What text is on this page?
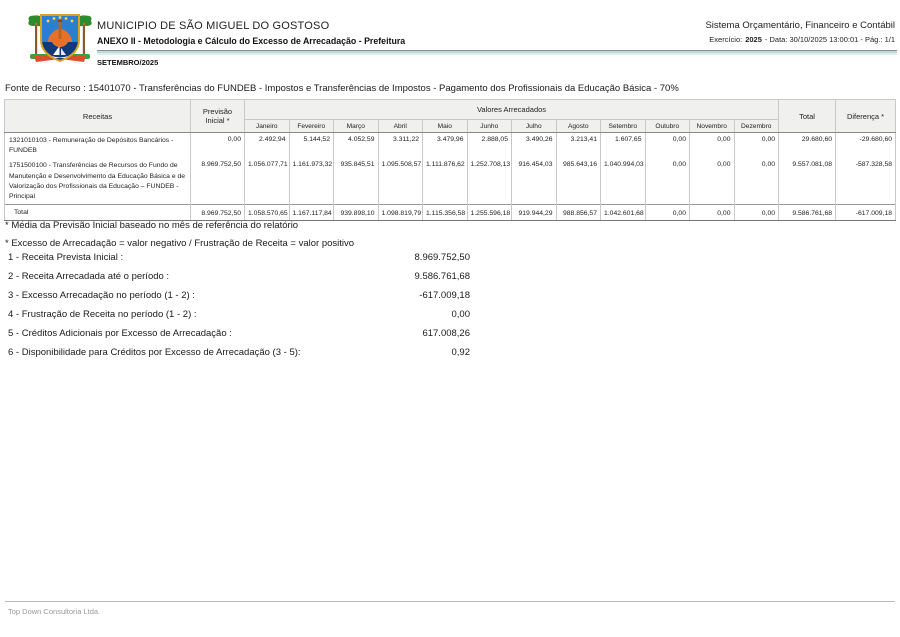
MUNICIPIO DE SÃO MIGUEL DO GOSTOSO
ANEXO II - Metodologia e Cálculo do Excesso de Arrecadação - Prefeitura
SETEMBRO/2025
Sistema Orçamentário, Financeiro e Contábil
Exercício: 2025 - Data: 30/10/2025 13:00:01 - Pág.: 1/1
Fonte de Recurso : 15401070 - Transferências do FUNDEB - Impostos e Transferências de Impostos - Pagamento dos Profissionais da Educação Básica - 70%
Receitas	Previsão Inicial *	Valores Arrecadados												Total	Diferença *
		Janeiro	Fevereiro	Março	Abril	Maio	Junho	Julho	Agosto	Setembro	Outubro	Novembro	Dezembro		
1321010103 - Remuneração de Depósitos Bancários - FUNDEB	0,00	2.492,94	5.144,52	4.052,59	3.311,22	3.479,96	2.888,05	3.490,26	3.213,41	1.607,65	0,00	0,00	0,00	29.680,60	-29.680,60
1751500100 - Transferências de Recursos do Fundo de Manutenção e Desenvolvimento da Educação Básica e de Valorização dos Profissionais da Educação – FUNDEB - Principal	8.969.752,50	1.056.077,71	1.161.973,32	935.845,51	1.095.508,57	1.111.876,62	1.252.708,13	916.454,03	985.643,16	1.040.994,03	0,00	0,00	0,00	9.557.081,08	-587.328,58
Total	8.969.752,50	1.058.570,65	1.167.117,84	939.898,10	1.098.819,79	1.115.356,58	1.255.596,18	919.944,29	988.856,57	1.042.601,68	0,00	0,00	0,00	9.586.761,68	-617.009,18
* Média da Previsão Inicial baseado no mês de referência do relatório
* Excesso de Arrecadação = valor negativo / Frustração de Receita = valor positivo
1 - Receita Prevista Inicial :	8.969.752,50
2 - Receita Arrecadada até o período :	9.586.761,68
3 - Excesso Arrecadação no período (1 - 2) :	-617.009,18
4 - Frustração de Receita no período (1 - 2) :	0,00
5 - Créditos Adicionais por Excesso de Arrecadação :	617.008,26
6 - Disponibilidade para Créditos por Excesso de Arrecadação (3 - 5):	0,92
Top Down Consultoria Ltda.
